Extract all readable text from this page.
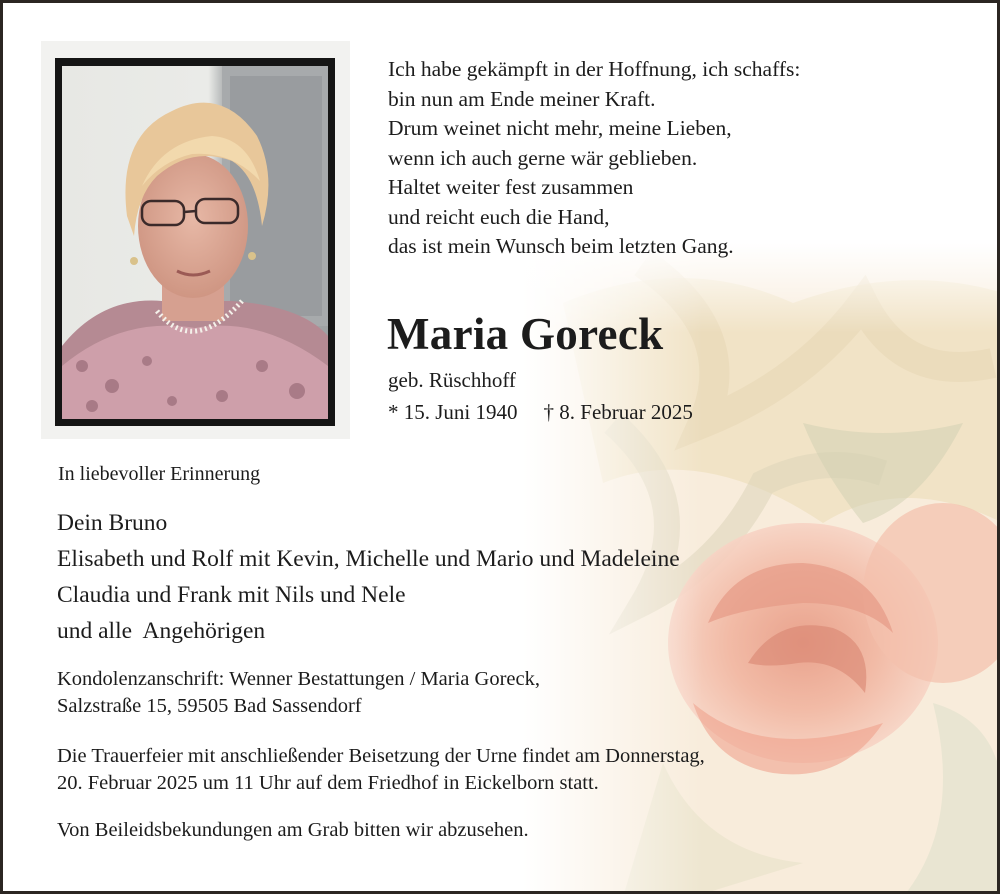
Ich habe gekämpft in der Hoffnung, ich schaffs:
bin nun am Ende meiner Kraft.
Drum weinet nicht mehr, meine Lieben,
wenn ich auch gerne wär geblieben.
Haltet weiter fest zusammen
und reicht euch die Hand,
das ist mein Wunsch beim letzten Gang.
Maria Goreck
geb. Rüschhoff
* 15. Juni 1940 † 8. Februar 2025
In liebevoller Erinnerung
Dein Bruno
Elisabeth und Rolf mit Kevin, Michelle und Mario und Madeleine
Claudia und Frank mit Nils und Nele
und alle  Angehörigen
Kondolenzanschrift: Wenner Bestattungen / Maria Goreck,
Salzstraße 15, 59505 Bad Sassendorf
Die Trauerfeier mit anschließender Beisetzung der Urne findet am Donnerstag,
20. Februar 2025 um 11 Uhr auf dem Friedhof in Eickelborn statt.
Von Beileidsbekundungen am Grab bitten wir abzusehen.
